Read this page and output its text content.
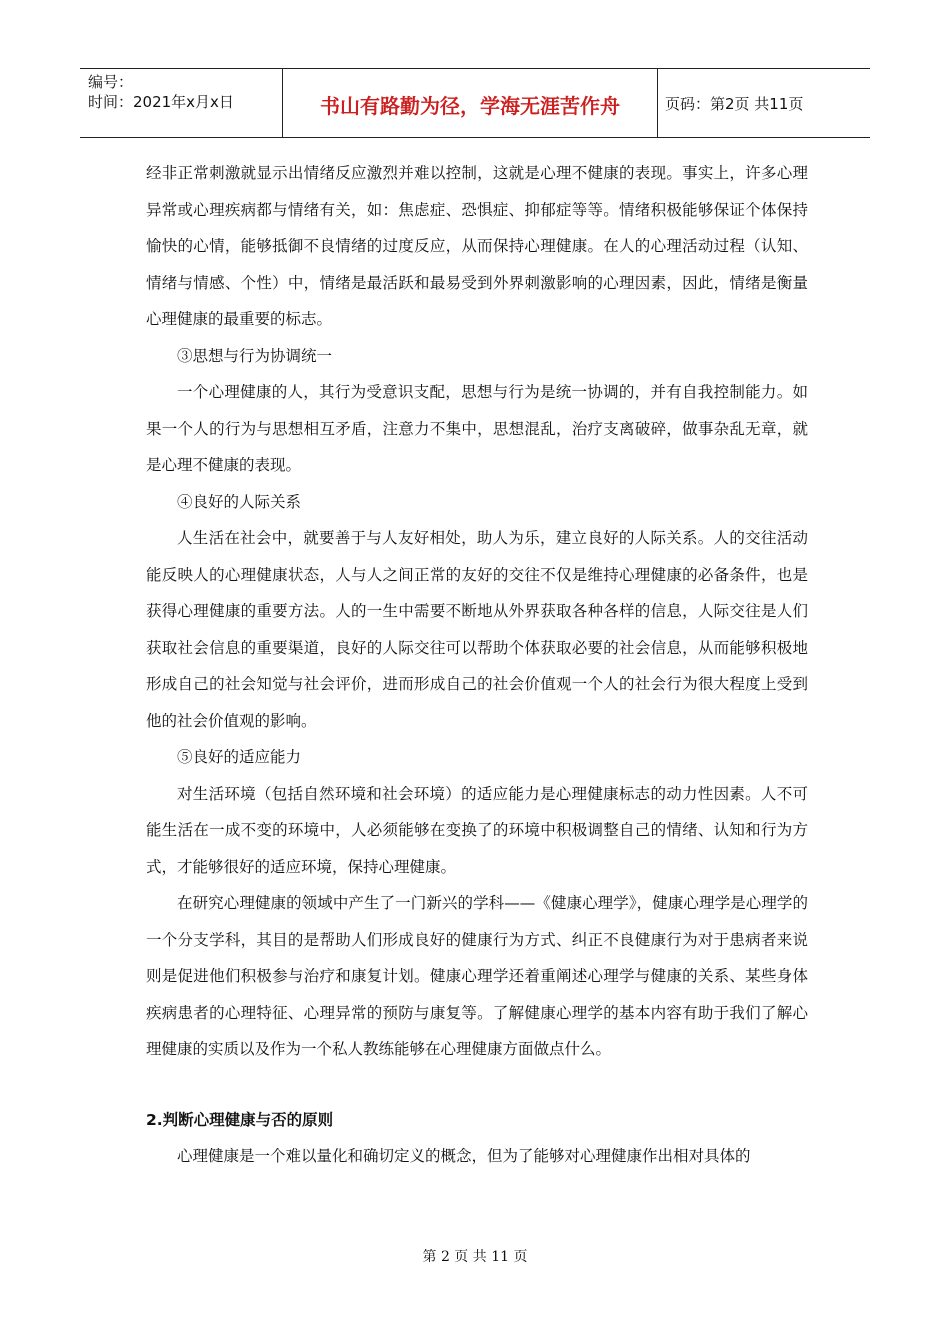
编号：
时间：2021年x月x日	书山有路勤为径，学海无涯苦作舟	页码：第2页 共11页

经非正常刺激就显示出情绪反应激烈并难以控制，这就是心理不健康的表现。事实上，许多心理异常或心理疾病都与情绪有关，如：焦虑症、恐惧症、抑郁症等等。情绪积极能够保证个体保持愉快的心情，能够抵御不良情绪的过度反应，从而保持心理健康。在人的心理活动过程（认知、情绪与情感、个性）中，情绪是最活跃和最易受到外界刺激影响的心理因素，因此，情绪是衡量心理健康的最重要的标志。

③思想与行为协调统一

一个心理健康的人，其行为受意识支配，思想与行为是统一协调的，并有自我控制能力。如果一个人的行为与思想相互矛盾，注意力不集中，思想混乱，治疗支离破碎，做事杂乱无章，就是心理不健康的表现。

④良好的人际关系

人生活在社会中，就要善于与人友好相处，助人为乐，建立良好的人际关系。人的交往活动能反映人的心理健康状态，人与人之间正常的友好的交往不仅是维持心理健康的必备条件，也是获得心理健康的重要方法。人的一生中需要不断地从外界获取各种各样的信息，人际交往是人们获取社会信息的重要渠道，良好的人际交往可以帮助个体获取必要的社会信息，从而能够积极地形成自己的社会知觉与社会评价，进而形成自己的社会价值观一个人的社会行为很大程度上受到他的社会价值观的影响。

⑤良好的适应能力

对生活环境（包括自然环境和社会环境）的适应能力是心理健康标志的动力性因素。人不可能生活在一成不变的环境中，人必须能够在变换了的环境中积极调整自己的情绪、认知和行为方式，才能够很好的适应环境，保持心理健康。

在研究心理健康的领域中产生了一门新兴的学科——《健康心理学》，健康心理学是心理学的一个分支学科，其目的是帮助人们形成良好的健康行为方式、纠正不良健康行为对于患病者来说则是促进他们积极参与治疗和康复计划。健康心理学还着重阐述心理学与健康的关系、某些身体疾病患者的心理特征、心理异常的预防与康复等。了解健康心理学的基本内容有助于我们了解心理健康的实质以及作为一个私人教练能够在心理健康方面做点什么。

2.判断心理健康与否的原则

心理健康是一个难以量化和确切定义的概念，但为了能够对心理健康作出相对具体的

第 2 页 共 11 页
